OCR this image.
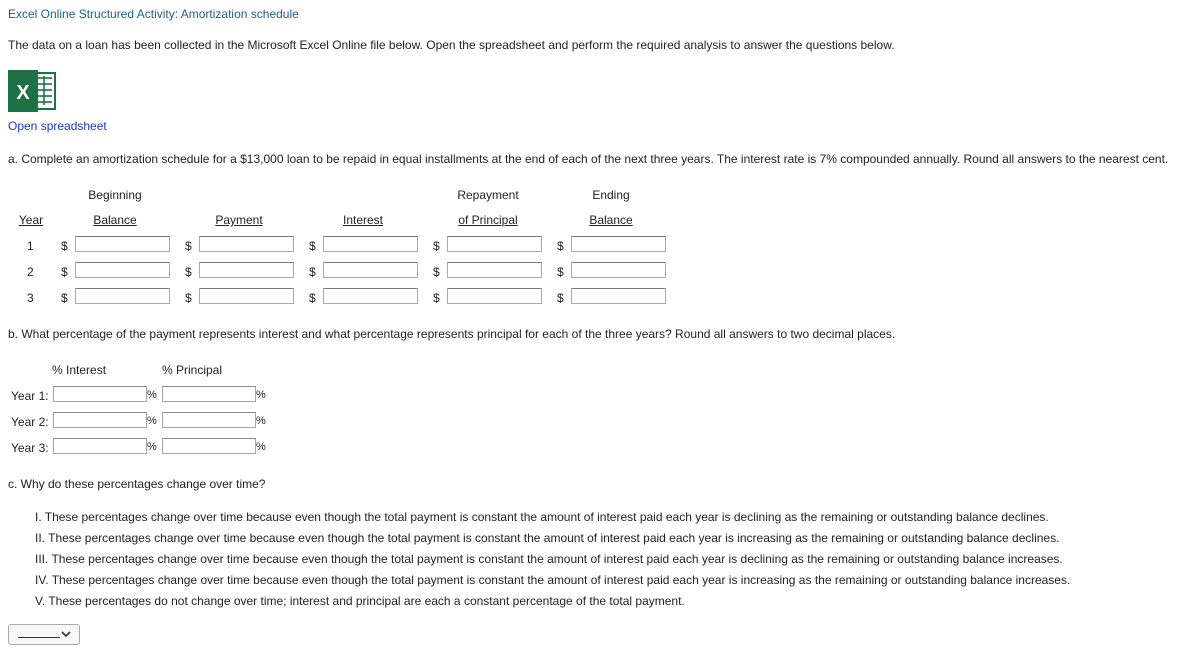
Excel Online Structured Activity: Amortization schedule
The data on a loan has been collected in the Microsoft Excel Online file below. Open the spreadsheet and perform the required analysis to answer the questions below.
X
Open spreadsheet
a. Complete an amortization schedule for a $13,000 loan to be repaid in equal installments at the end of each of the next three years. The interest rate is 7% compounded annually. Round all answers to the nearest cent.
Beginning	Repayment	Ending
Year	Balance	Payment	Interest	of Principal	Balance
1 $	$	$	$	$
2 $	$	$	$	$
3 $	$	$	$	$
b. What percentage of the payment represents interest and what percentage represents principal for each of the three years? Round all answers to two decimal places.
% Interest	% Principal
Year 1:	%	%
Year 2:	%	%
Year 3:	%	%
c. Why do these percentages change over time?
I. These percentages change over time because even though the total payment is constant the amount of interest paid each year is declining as the remaining or outstanding balance declines.
II. These percentages change over time because even though the total payment is constant the amount of interest paid each year is increasing as the remaining or outstanding balance declines.
III. These percentages change over time because even though the total payment is constant the amount of interest paid each year is declining as the remaining or outstanding balance increases.
IV. These percentages change over time because even though the total payment is constant the amount of interest paid each year is increasing as the remaining or outstanding balance increases.
V. These percentages do not change over time; interest and principal are each a constant percentage of the total payment.
